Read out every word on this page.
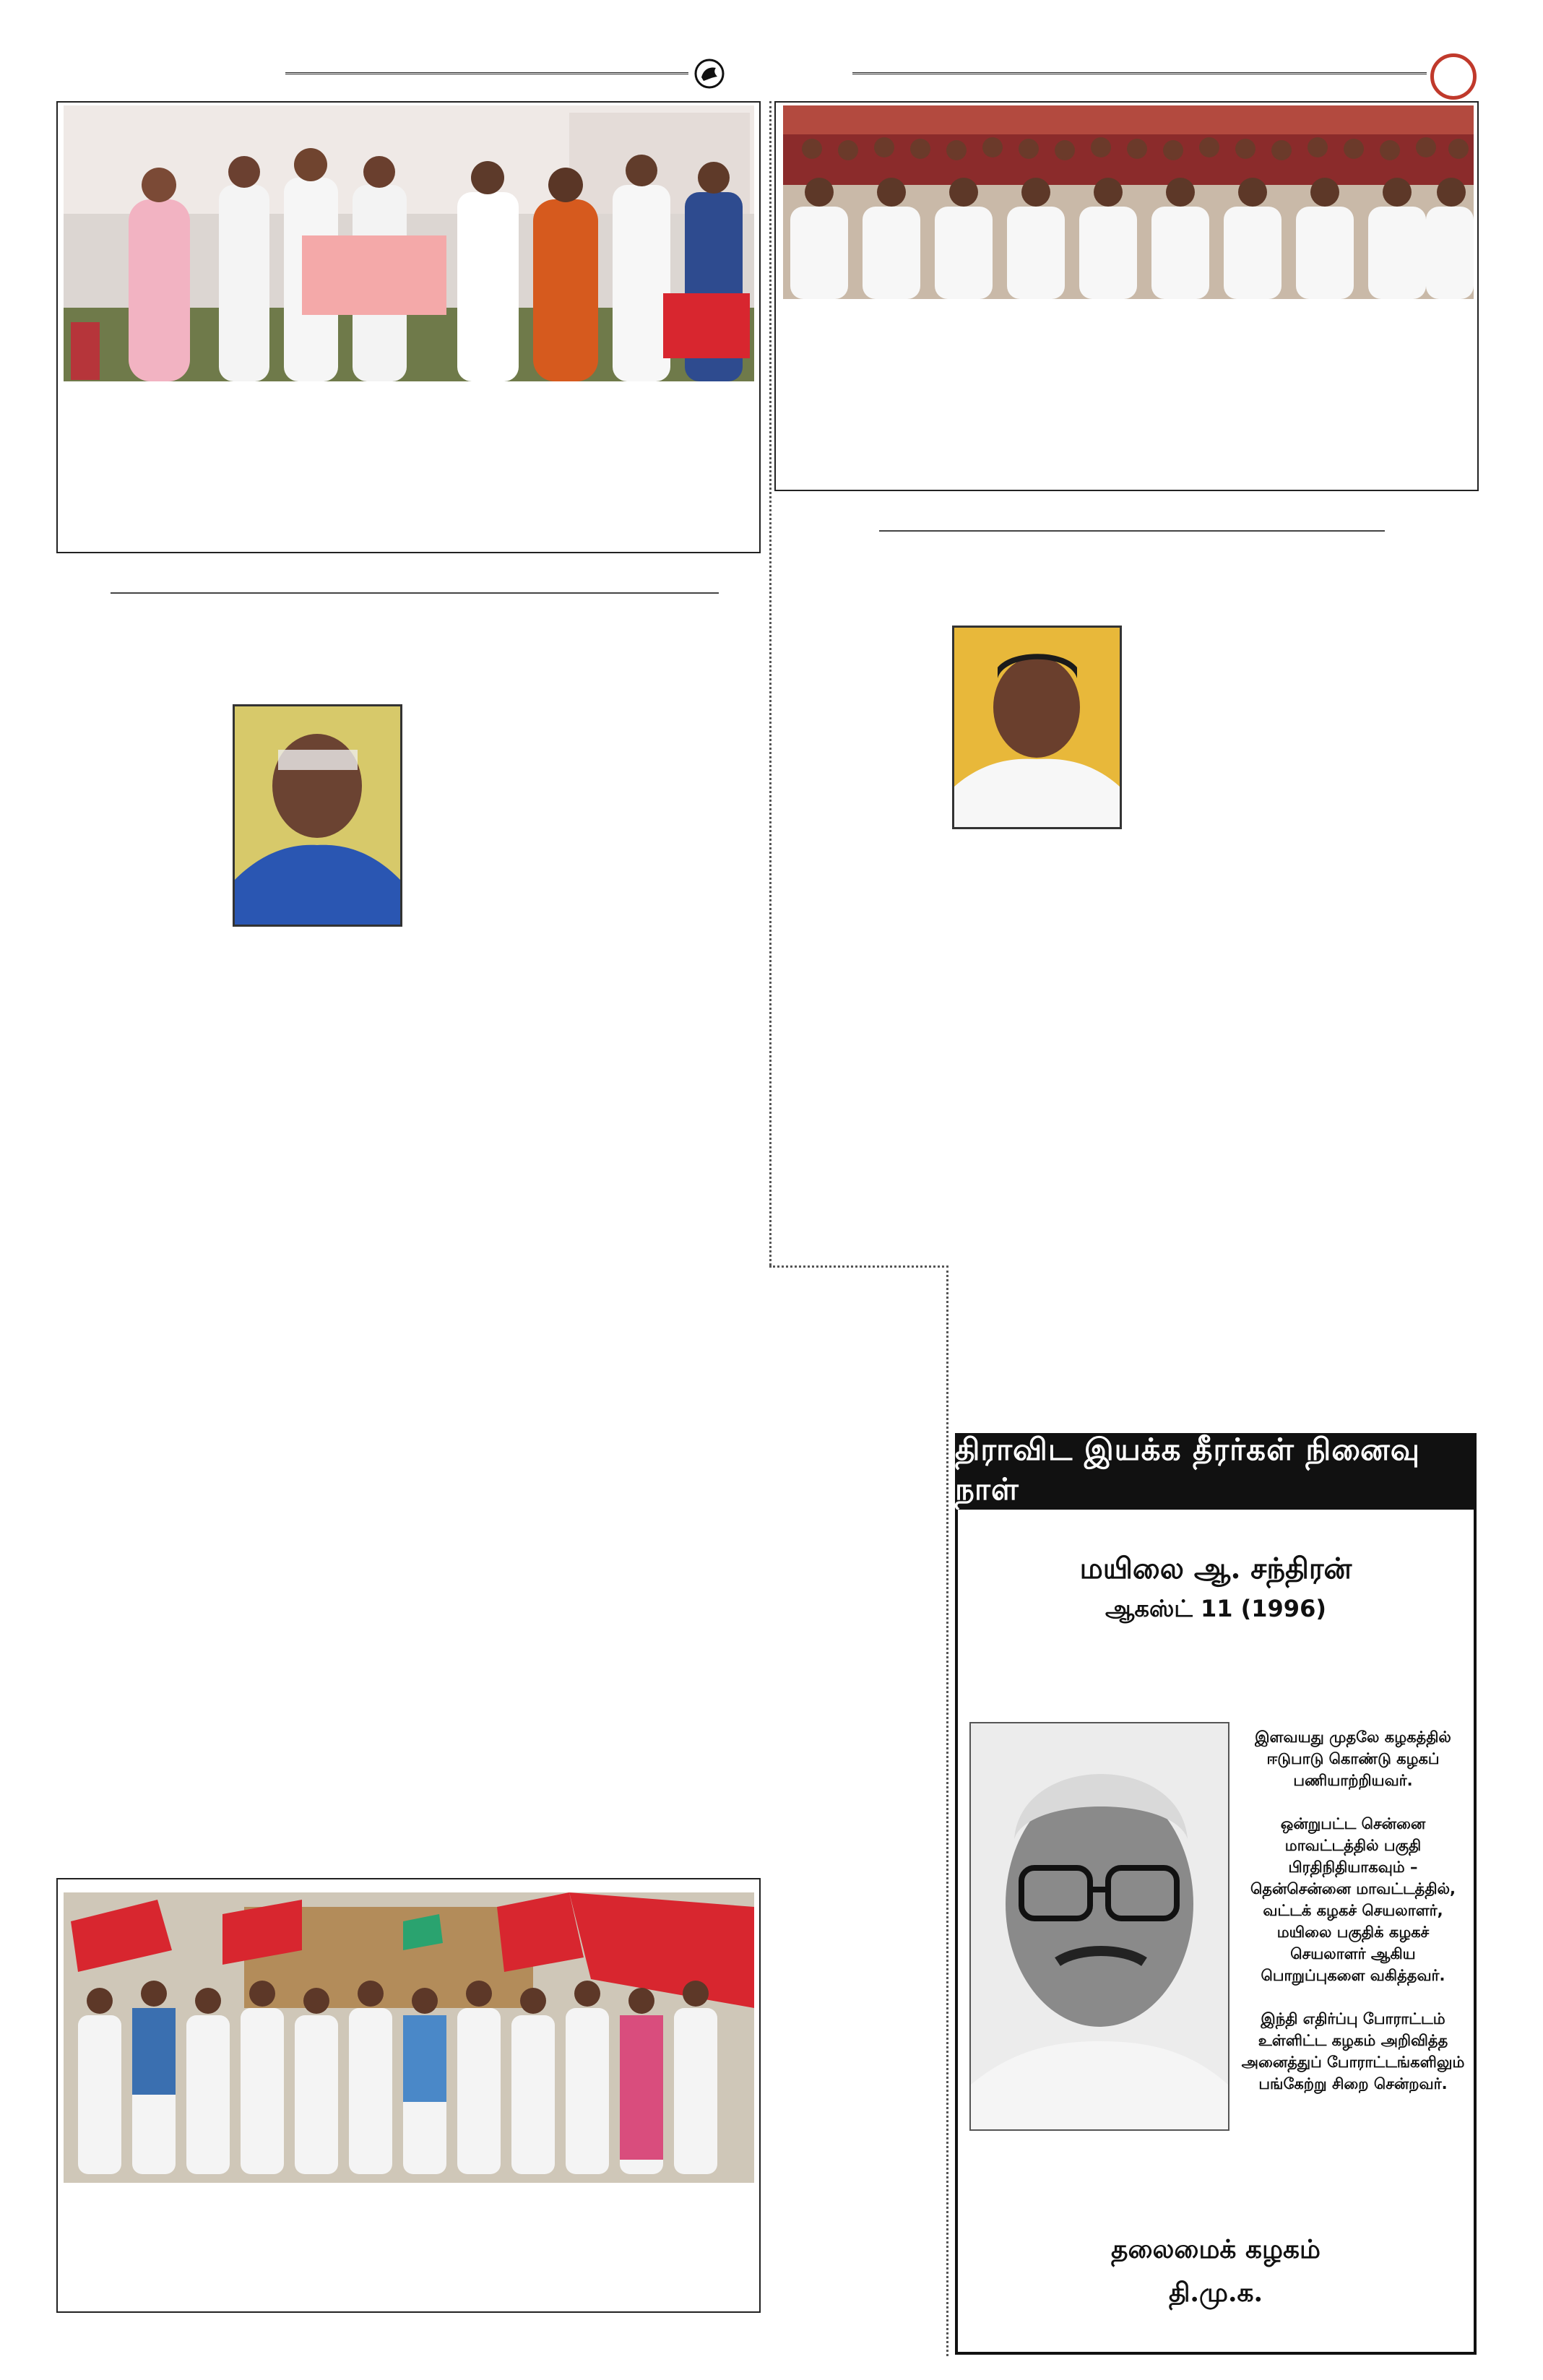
திராவிட இயக்க தீரர்கள் நினைவு நாள்
மயிலை ஆ. சந்திரன்
ஆகஸ்ட் 11 (1996)

இளவயது முதலே கழகத்தில் ஈடுபாடு கொண்டு கழகப் பணியாற்றியவர்.

ஒன்றுபட்ட சென்னை மாவட்டத்தில் பகுதி பிரதிநிதியாகவும் – தென்சென்னை மாவட்டத்தில், வட்டக் கழகச் செயலாளர், மயிலை பகுதிக் கழகச் செயலாளர் ஆகிய பொறுப்புகளை வகித்தவர்.

இந்தி எதிர்ப்பு போராட்டம் உள்ளிட்ட கழகம் அறிவித்த அனைத்துப் போராட்டங்களிலும் பங்கேற்று சிறை சென்றவர்.

தலைமைக் கழகம்
தி.மு.க.
